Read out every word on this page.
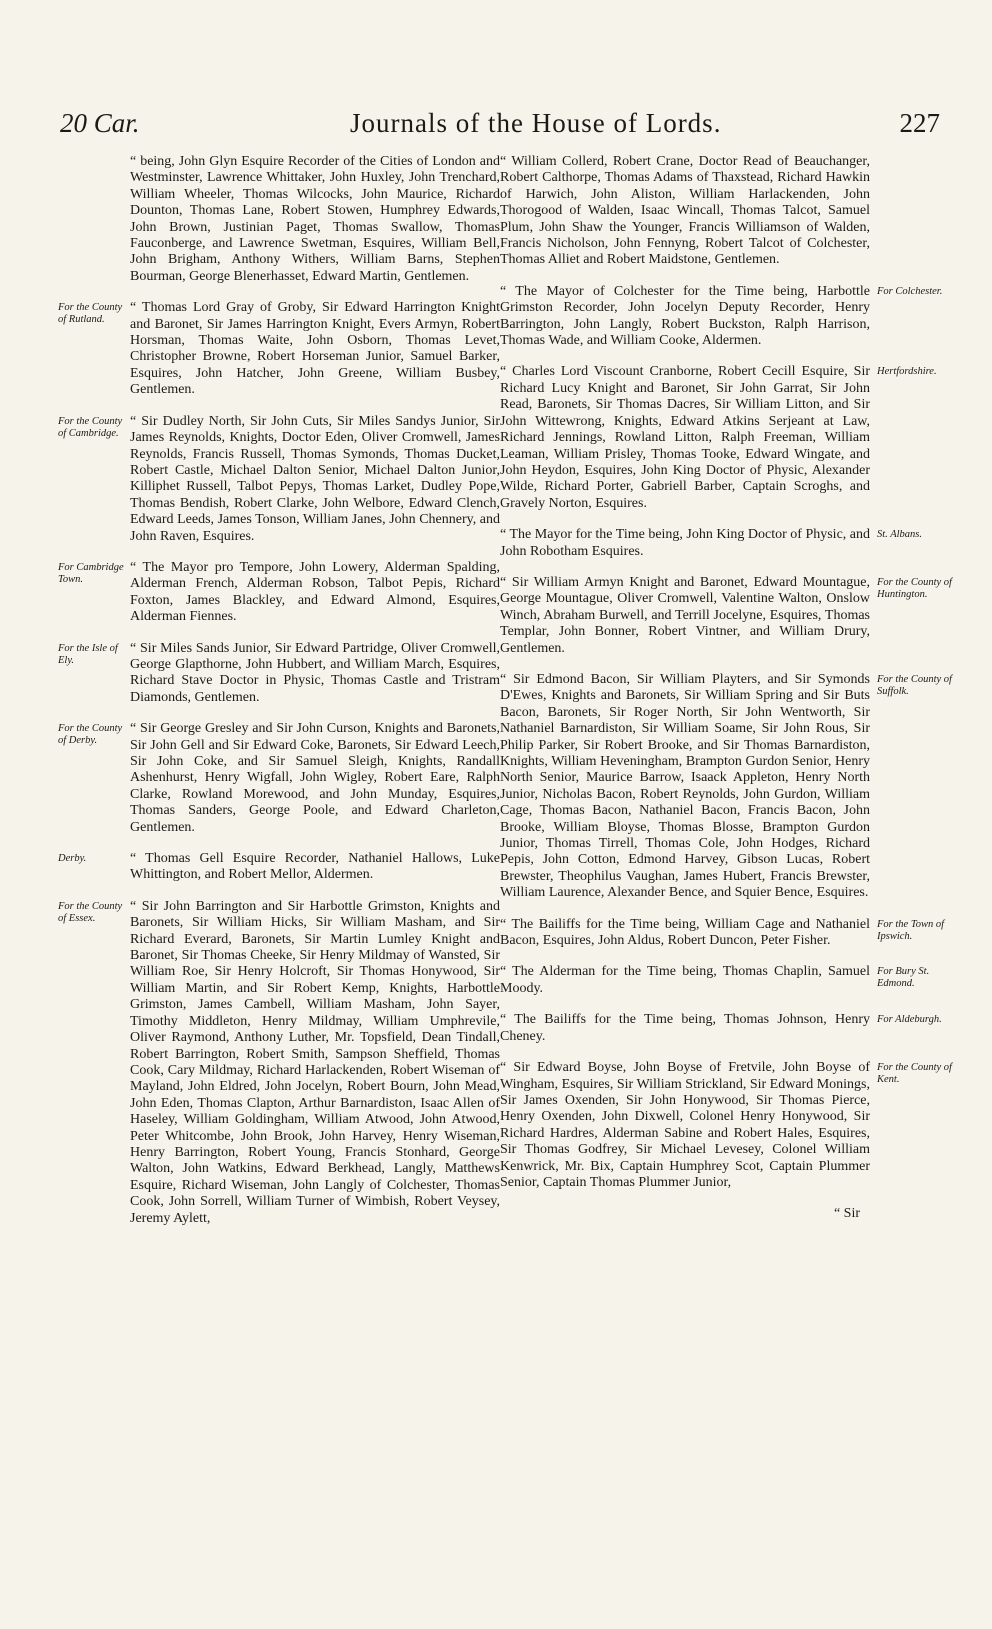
20 Car.	Journals of the House of Lords.	227

“ being, John Glyn Esquire Recorder of the Cities of London and Westminster, Lawrence Whittaker, John Huxley, John Trenchard, William Wheeler, Thomas Wilcocks, John Maurice, Richard Dounton, Thomas Lane, Robert Stowen, Humphrey Edwards, John Brown, Justinian Paget, Thomas Swallow, Thomas Fauconberge, and Lawrence Swetman, Esquires, William Bell, John Brigham, Anthony Withers, William Barns, Stephen Bourman, George Blenerhasset, Edward Martin, Gentlemen.

For the County of Rutland.

“ Thomas Lord Gray of Groby, Sir Edward Harrington Knight and Baronet, Sir James Harrington Knight, Evers Armyn, Robert Horsman, Thomas Waite, John Osborn, Thomas Levet, Christopher Browne, Robert Horseman Junior, Samuel Barker, Esquires, John Hatcher, John Greene, William Busbey, Gentlemen.

For the County of Cambridge.

“ Sir Dudley North, Sir John Cuts, Sir Miles Sandys Junior, Sir James Reynolds, Knights, Doctor Eden, Oliver Cromwell, James Reynolds, Francis Russell, Thomas Symonds, Thomas Ducket, Robert Castle, Michael Dalton Senior, Michael Dalton Junior, Killiphet Russell, Talbot Pepys, Thomas Larket, Dudley Pope, Thomas Bendish, Robert Clarke, John Welbore, Edward Clench, Edward Leeds, James Tonson, William Janes, John Chennery, and John Raven, Esquires.

For Cambridge Town.

“ The Mayor pro Tempore, John Lowery, Alderman Spalding, Alderman French, Alderman Robson, Talbot Pepis, Richard Foxton, James Blackley, and Edward Almond, Esquires, Alderman Fiennes.

For the Isle of Ely.

“ Sir Miles Sands Junior, Sir Edward Partridge, Oliver Cromwell, George Glapthorne, John Hubbert, and William March, Esquires, Richard Stave Doctor in Physic, Thomas Castle and Tristram Diamonds, Gentlemen.

For the County of Derby.

“ Sir George Gresley and Sir John Curson, Knights and Baronets, Sir John Gell and Sir Edward Coke, Baronets, Sir Edward Leech, Sir John Coke, and Sir Samuel Sleigh, Knights, Randall Ashenhurst, Henry Wigfall, John Wigley, Robert Eare, Ralph Clarke, Rowland Morewood, and John Munday, Esquires, Thomas Sanders, George Poole, and Edward Charleton, Gentlemen.

Derby.	“ Thomas Gell Esquire Recorder, Nathaniel Hallows, Luke Whittington, and Robert Mellor, Aldermen.

For the County of Essex.

“ Sir John Barrington and Sir Harbottle Grimston, Knights and Baronets, Sir William Hicks, Sir William Masham, and Sir Richard Everard, Baronets, Sir Martin Lumley Knight and Baronet, Sir Thomas Cheeke, Sir Henry Mildmay of Wansted, Sir William Roe, Sir Henry Holcroft, Sir Thomas Honywood, Sir William Martin, and Sir Robert Kemp, Knights, Harbottle Grimston, James Cambell, William Masham, John Sayer, Timothy Middleton, Henry Mildmay, William Umphrevile, Oliver Raymond, Anthony Luther, Mr. Topsfield, Dean Tindall, Robert Barrington, Robert Smith, Sampson Sheffield, Thomas Cook, Cary Mildmay, Richard Harlackenden, Robert Wiseman of Mayland, John Eldred, John Jocelyn, Robert Bourn, John Mead, John Eden, Thomas Clapton, Arthur Barnardiston, Isaac Allen of Haseley, William Goldingham, William Atwood, John Atwood, Peter Whitcombe, John Brook, John Harvey, Henry Wiseman, Henry Barrington, Robert Young, Francis Stonhard, George Walton, John Watkins, Edward Berkhead, Langly, Matthews Esquire, Richard Wiseman, John Langly of Colchester, Thomas Cook, John Sorrell, William Turner of Wimbish, Robert Veysey, Jeremy Aylett,

“ William Collerd, Robert Crane, Doctor Read of Beauchanger, Robert Calthorpe, Thomas Adams of Thaxstead, Richard Hawkin of Harwich, John Aliston, William Harlackenden, John Thorogood of Walden, Isaac Wincall, Thomas Talcot, Samuel Plum, John Shaw the Younger, Francis Williamson of Walden, Francis Nicholson, John Fennyng, Robert Talcot of Colchester, Thomas Alliet and Robert Maidstone, Gentlemen.

For Colchester.

“ The Mayor of Colchester for the Time being, Harbottle Grimston Recorder, John Jocelyn Deputy Recorder, Henry Barrington, John Langly, Robert Buckston, Ralph Harrison, Thomas Wade, and William Cooke, Aldermen.

Hertfordshire.

“ Charles Lord Viscount Cranborne, Robert Cecill Esquire, Sir Richard Lucy Knight and Baronet, Sir John Garrat, Sir John Read, Baronets, Sir Thomas Dacres, Sir William Litton, and Sir John Wittewrong, Knights, Edward Atkins Serjeant at Law, Richard Jennings, Rowland Litton, Ralph Freeman, William Leaman, William Prisley, Thomas Tooke, Edward Wingate, and John Heydon, Esquires, John King Doctor of Physic, Alexander Wilde, Richard Porter, Gabriell Barber, Captain Scroghs, and Gravely Norton, Esquires.

St. Albans.

“ The Mayor for the Time being, John King Doctor of Physic, and John Robotham Esquires.

For the County of Huntington.

“ Sir William Armyn Knight and Baronet, Edward Mountague, George Mountague, Oliver Cromwell, Valentine Walton, Onslow Winch, Abraham Burwell, and Terrill Jocelyne, Esquires, Thomas Templar, John Bonner, Robert Vintner, and William Drury, Gentlemen.

For the County of Suffolk.

“ Sir Edmond Bacon, Sir William Playters, and Sir Symonds D'Ewes, Knights and Baronets, Sir William Spring and Sir Buts Bacon, Baronets, Sir Roger North, Sir John Wentworth, Sir Nathaniel Barnardiston, Sir William Soame, Sir John Rous, Sir Philip Parker, Sir Robert Brooke, and Sir Thomas Barnardiston, Knights, William Heveningham, Brampton Gurdon Senior, Henry North Senior, Maurice Barrow, Isaack Appleton, Henry North Junior, Nicholas Bacon, Robert Reynolds, John Gurdon, William Cage, Thomas Bacon, Nathaniel Bacon, Francis Bacon, John Brooke, William Bloyse, Thomas Blosse, Brampton Gurdon Junior, Thomas Tirrell, Thomas Cole, John Hodges, Richard Pepis, John Cotton, Edmond Harvey, Gibson Lucas, Robert Brewster, Theophilus Vaughan, James Hubert, Francis Brewster, William Laurence, Alexander Bence, and Squier Bence, Esquires.

For the Town of Ipswich.

“ The Bailiffs for the Time being, William Cage and Nathaniel Bacon, Esquires, John Aldus, Robert Duncon, Peter Fisher.

For Bury St. Edmond.

“ The Alderman for the Time being, Thomas Chaplin, Samuel Moody.

For Aldeburgh.

“ The Bailiffs for the Time being, Thomas Johnson, Henry Cheney.

For the County of Kent.

“ Sir Edward Boyse, John Boyse of Fretvile, John Boyse of Wingham, Esquires, Sir William Strickland, Sir Edward Monings, Sir James Oxenden, Sir John Honywood, Sir Thomas Pierce, Henry Oxenden, John Dixwell, Colonel Henry Honywood, Sir Richard Hardres, Alderman Sabine and Robert Hales, Esquires, Sir Thomas Godfrey, Sir Michael Levesey, Colonel William Kenwrick, Mr. Bix, Captain Humphrey Scot, Captain Plummer Senior, Captain Thomas Plummer Junior,

“ Sir
